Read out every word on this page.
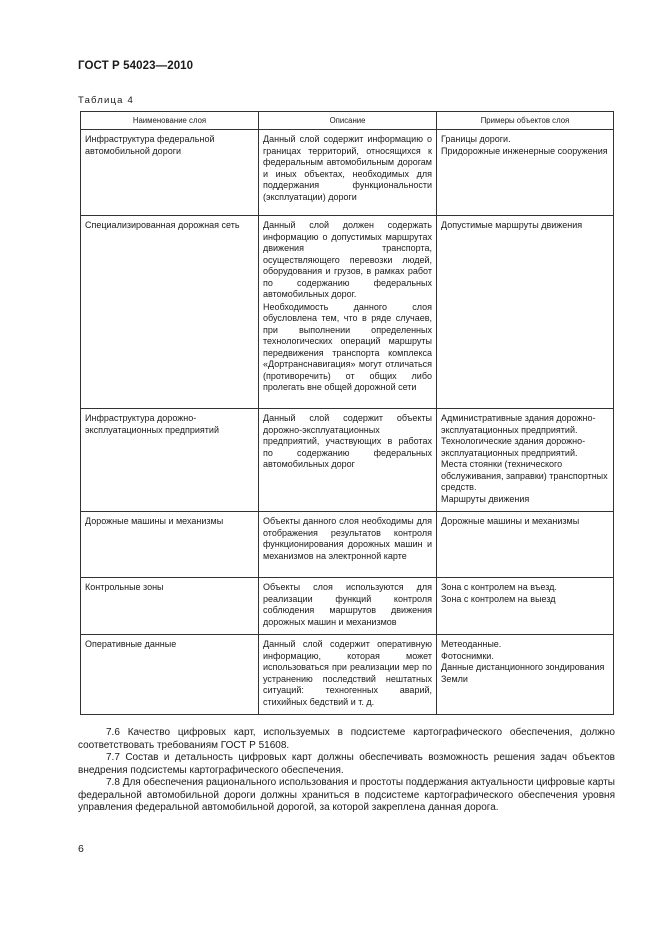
ГОСТ Р 54023—2010
Таблица 4
Наименование слоя	Описание	Примеры объектов слоя
Инфраструктура федеральной автомобильной дороги	Данный слой содержит информацию о границах территорий, относящихся к федеральным автомобильным дорогам и иных объектах, необходимых для поддержания функциональности (эксплуатации) дороги	Границы дороги.
Придорожные инженерные сооружения

Специализированная дорожная сеть	Данный слой должен содержать информацию о допустимых маршрутах движения транспорта, осуществляющего перевозки людей, оборудования и грузов, в рамках работ по содержанию федеральных автомобильных дорог.

Необходимость данного слоя обусловлена тем, что в ряде случаев, при выполнении определенных технологических операций маршруты передвижения транспорта комплекса «Дортранснавигация» могут отличаться (противоречить) от общих либо пролегать вне общей дорожной сети	Допустимые маршруты движения

Инфраструктура дорожно-эксплуатационных предприятий	Данный слой содержит объекты дорожно-эксплуатационных предприятий, участвующих в работах по содержанию федеральных автомобильных дорог	Административные здания дорожно-эксплуатационных предприятий.
Технологические здания дорожно-эксплуатационных предприятий.
Места стоянки (технического обслуживания, заправки) транспортных средств.
Маршруты движения

Дорожные машины и механизмы	Объекты данного слоя необходимы для отображения результатов контроля функционирования дорожных машин и механизмов на электронной карте	Дорожные машины и механизмы

Контрольные зоны	Объекты слоя используются для реализации функций контроля соблюдения маршрутов движения дорожных машин и механизмов	Зона с контролем на въезд.
Зона с контролем на выезд

Оперативные данные	Данный слой содержит оперативную информацию, которая может использоваться при реализации мер по устранению последствий нештатных ситуаций: техногенных аварий, стихийных бедствий и т. д.	Метеоданные.
Фотоснимки.
Данные дистанционного зондирования Земли

7.6 Качество цифровых карт, используемых в подсистеме картографического обеспечения, должно соответствовать требованиям ГОСТ Р 51608.

7.7 Состав и детальность цифровых карт должны обеспечивать возможность решения задач объектов внедрения подсистемы картографического обеспечения.

7.8 Для обеспечения рационального использования и простоты поддержания актуальности цифровые карты федеральной автомобильной дороги должны храниться в подсистеме картографического обеспечения уровня управления федеральной автомобильной дорогой, за которой закреплена данная дорога.

6
